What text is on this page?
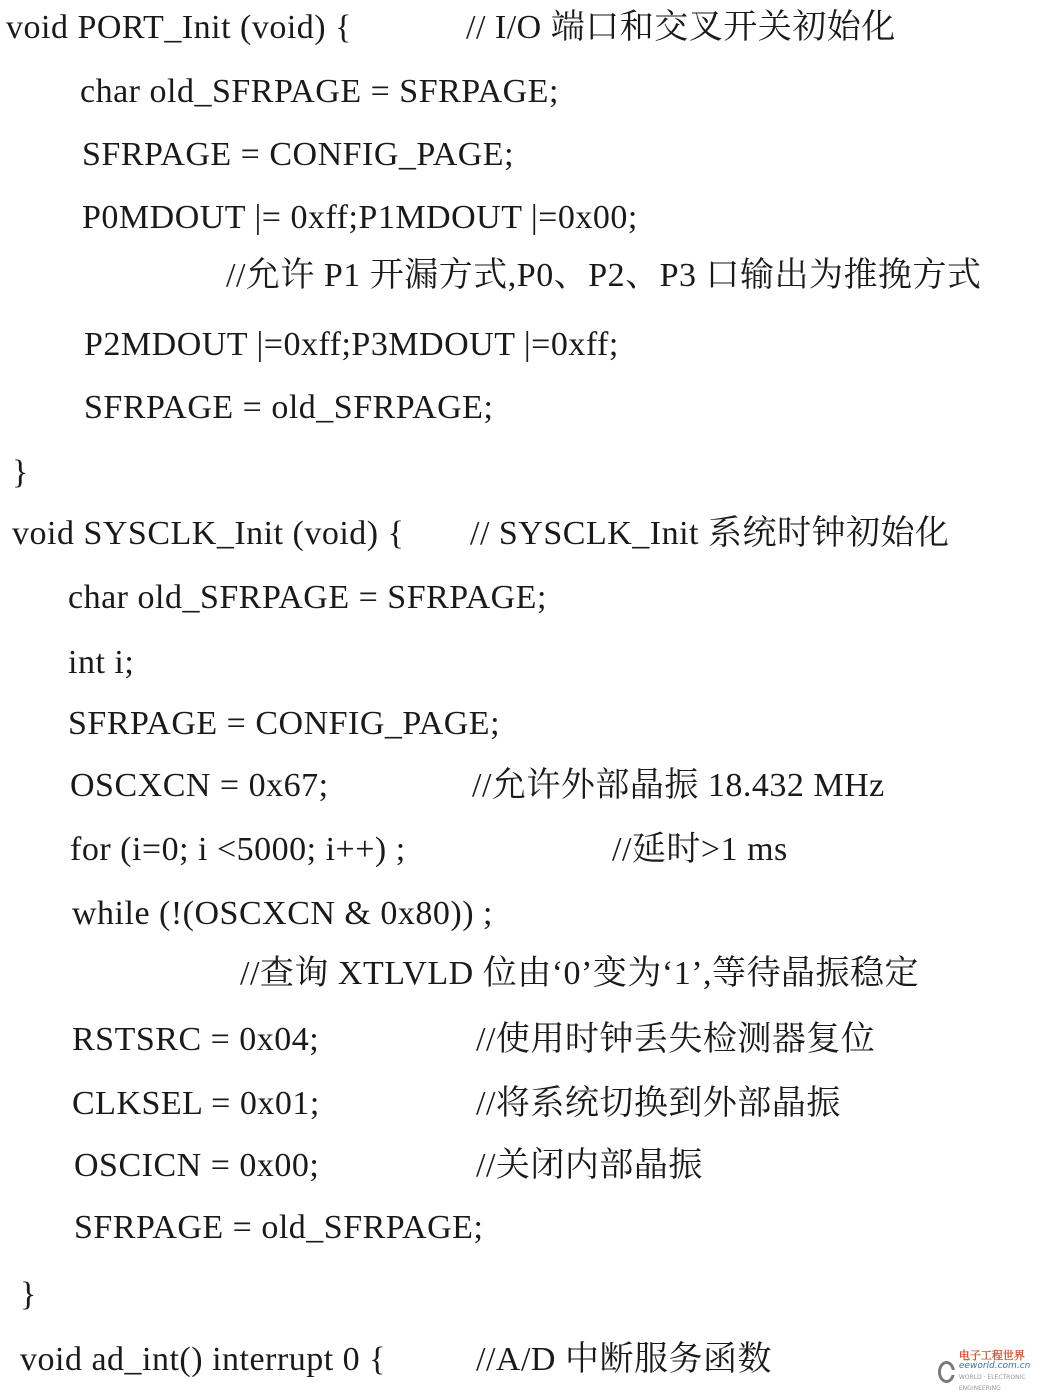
void PORT_Init (void) {	// I/O 端口和交叉开关初始化
char old_SFRPAGE = SFRPAGE;
SFRPAGE = CONFIG_PAGE;
P0MDOUT |= 0xff;P1MDOUT |=0x00;
//允许 P1 开漏方式,P0、P2、P3 口输出为推挽方式
P2MDOUT |=0xff;P3MDOUT |=0xff;
SFRPAGE = old_SFRPAGE;
}
void SYSCLK_Init (void) { // SYSCLK_Init 系统时钟初始化
char old_SFRPAGE = SFRPAGE;
int i;
SFRPAGE = CONFIG_PAGE;
OSCXCN = 0x67;	//允许外部晶振 18.432 MHz
for (i=0; i <5000; i++) ;	//延时>1 ms
while (!(OSCXCN & 0x80)) ;
//查询 XTLVLD 位由‘0’变为‘1’,等待晶振稳定
RSTSRC = 0x04;	//使用时钟丢失检测器复位
CLKSEL = 0x01;	//将系统切换到外部晶振
OSCICN = 0x00;	//关闭内部晶振
SFRPAGE = old_SFRPAGE;
}
void ad_int() interrupt 0 {	//A/D 中断服务函数	电子工程世界
eeworld.com.cn
WORLD · ELECTRONIC ENGINEERING
